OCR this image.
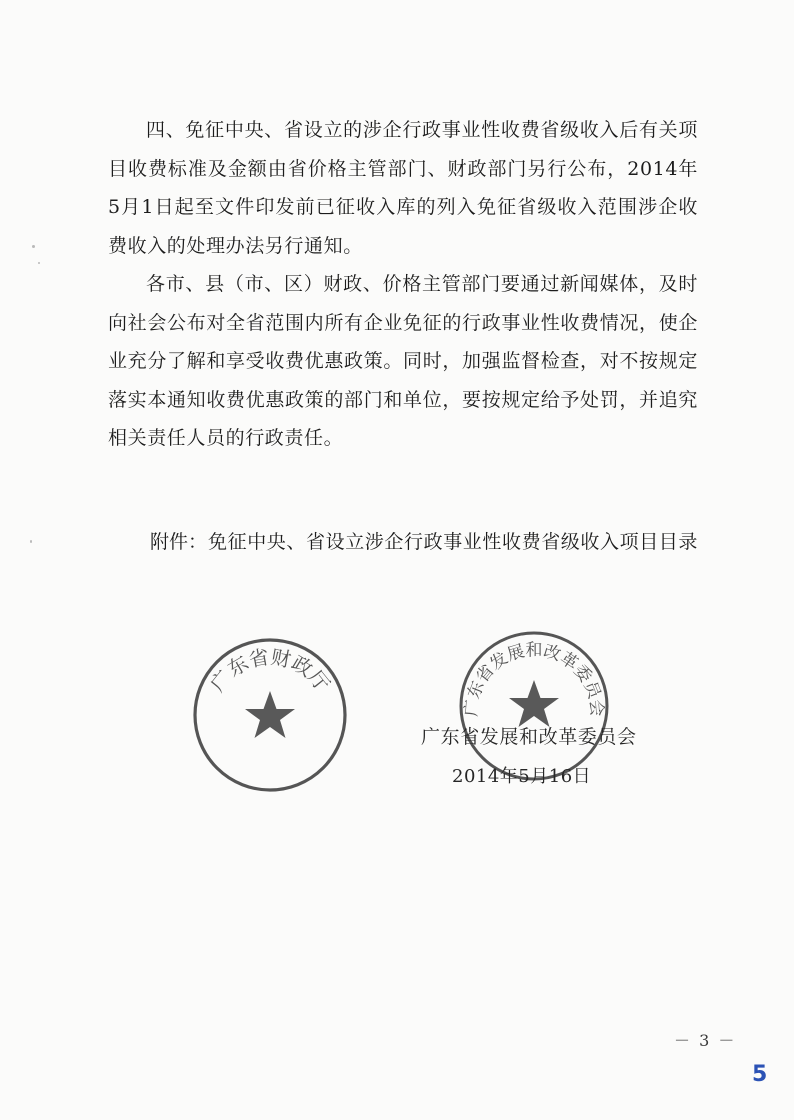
四、免征中央、省设立的涉企行政事业性收费省级收入后有关项目收费标准及金额由省价格主管部门、财政部门另行公布，2014年5月1日起至文件印发前已征收入库的列入免征省级收入范围涉企收费收入的处理办法另行通知。

各市、县（市、区）财政、价格主管部门要通过新闻媒体，及时向社会公布对全省范围内所有企业免征的行政事业性收费情况，使企业充分了解和享受收费优惠政策。同时，加强监督检查，对不按规定落实本通知收费优惠政策的部门和单位，要按规定给予处罚，并追究相关责任人员的行政责任。

附件： 免征中央、省设立涉企行政事业性收费省级收入项目目录
广东省财政厅
广东省发展和改革委员会
广东省发展和改革委员会
2014年5月16日
－ 3 －
5
